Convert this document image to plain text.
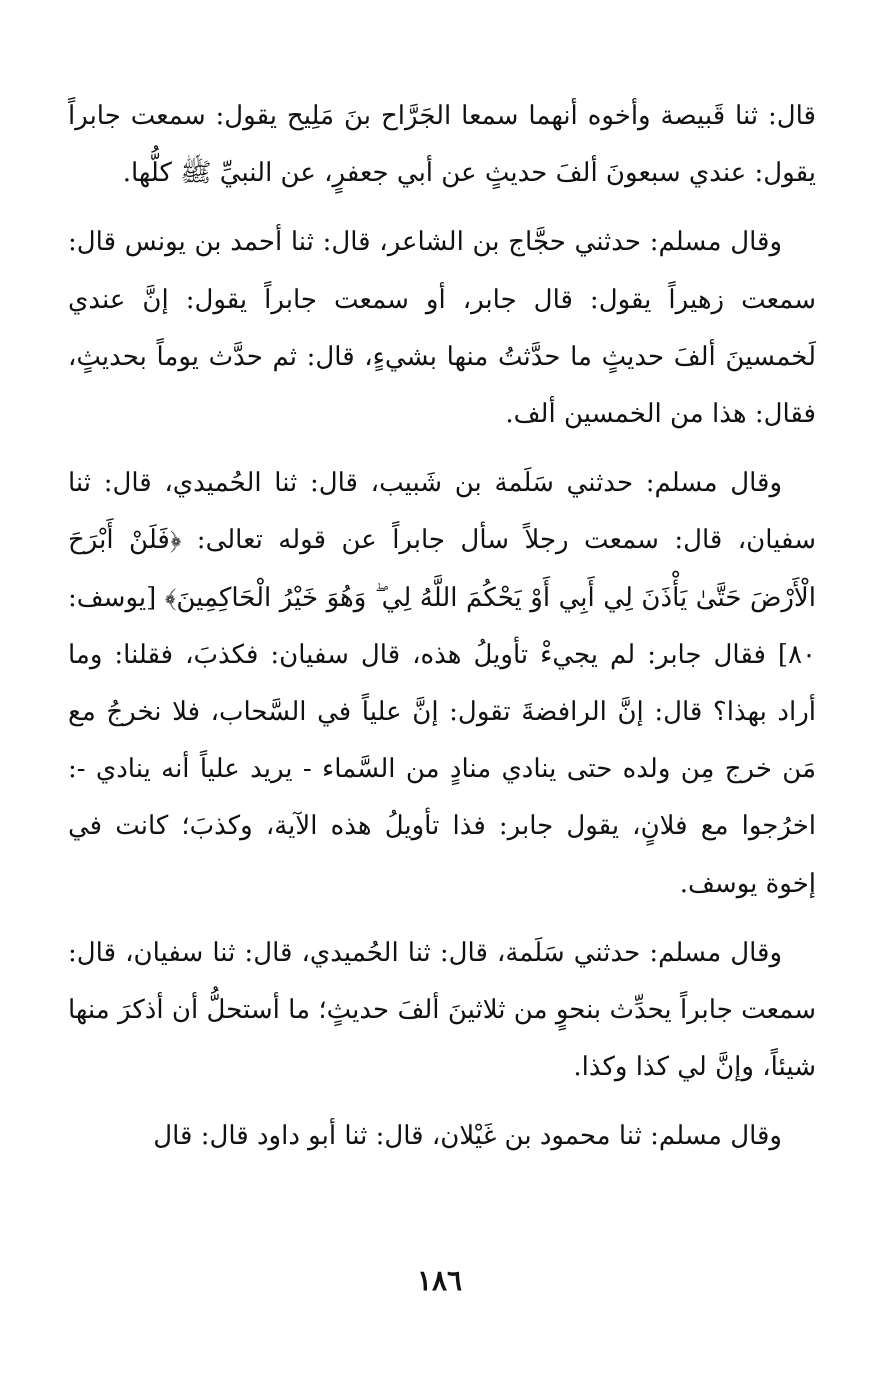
قال: ثنا قَبيصة وأخوه أنهما سمعا الجَرَّاح بنَ مَلِيح يقول: سمعت جابراً يقول: عندي سبعونَ ألفَ حديثٍ عن أبي جعفرٍ، عن النبيِّ ﷺ كلُّها.

وقال مسلم: حدثني حجَّاج بن الشاعر، قال: ثنا أحمد بن يونس قال: سمعت زهيراً يقول: قال جابر، أو سمعت جابراً يقول: إنَّ عندي لَخمسينَ ألفَ حديثٍ ما حدَّثتُ منها بشيءٍ، قال: ثم حدَّث يوماً بحديثٍ، فقال: هذا من الخمسين ألف.

وقال مسلم: حدثني سَلَمة بن شَبيب، قال: ثنا الحُميدي، قال: ثنا سفيان، قال: سمعت رجلاً سأل جابراً عن قوله تعالى: ﴿فَلَنْ أَبْرَحَ الْأَرْضَ حَتَّىٰ يَأْذَنَ لِي أَبِي أَوْ يَحْكُمَ اللَّهُ لِي ۖ وَهُوَ خَيْرُ الْحَاكِمِينَ﴾ [يوسف: ٨٠] فقال جابر: لم يجيءْ تأويلُ هذه، قال سفيان: فكذبَ، فقلنا: وما أراد بهذا؟ قال: إنَّ الرافضةَ تقول: إنَّ علياً في السَّحاب، فلا نخرجُ مع مَن خرج مِن ولده حتى ينادي منادٍ من السَّماء - يريد علياً أنه ينادي -: اخرُجوا مع فلانٍ، يقول جابر: فذا تأويلُ هذه الآية، وكذبَ؛ كانت في إخوة يوسف.

وقال مسلم: حدثني سَلَمة، قال: ثنا الحُميدي، قال: ثنا سفيان، قال: سمعت جابراً يحدِّث بنحوٍ من ثلاثينَ ألفَ حديثٍ؛ ما أستحلُّ أن أذكرَ منها شيئاً، وإنَّ لي كذا وكذا.

وقال مسلم: ثنا محمود بن غَيْلان، قال: ثنا أبو داود قال: قال

١٨٦
